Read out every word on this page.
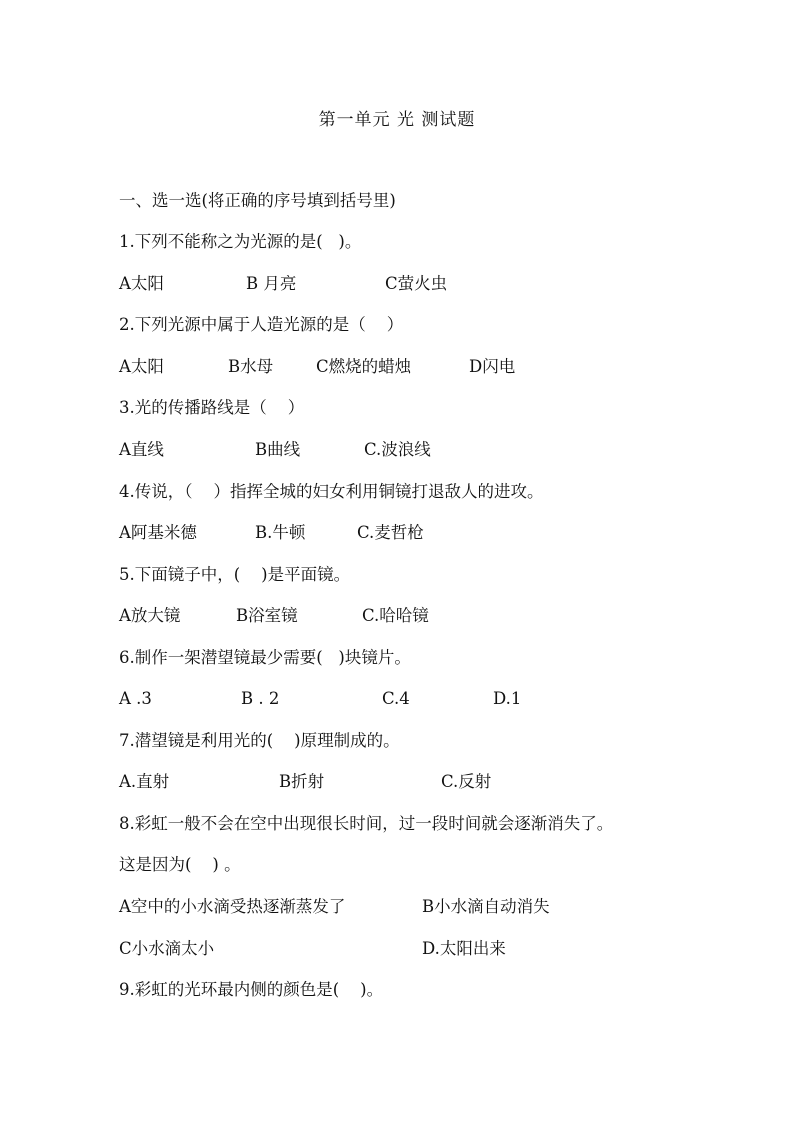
第一单元 光 测试题
一、选一选(将正确的序号填到括号里)
1.下列不能称之为光源的是(   )。
A太阳	B 月亮	C萤火虫
2.下列光源中属于人造光源的是（    ）
A太阳	B水母	C燃烧的蜡烛	D闪电
3.光的传播路线是（    ）
A直线	B曲线	C.波浪线
4.传说，（    ）指挥全城的妇女利用铜镜打退敌人的进攻。
A阿基米德	B.牛顿	C.麦哲枪
5.下面镜子中，(    )是平面镜。
A放大镜	B浴室镜	C.哈哈镜
6.制作一架潜望镜最少需要(   )块镜片。
A .3	B . 2	C.4	D.1
7.潜望镜是利用光的(    )原理制成的。
A.直射	B折射	C.反射
8.彩虹一般不会在空中出现很长时间，过一段时间就会逐渐消失了。
这是因为(    ) 。
A空中的小水滴受热逐渐蒸发了	B小水滴自动消失
C小水滴太小	D.太阳出来
9.彩虹的光环最内侧的颜色是(    )。
